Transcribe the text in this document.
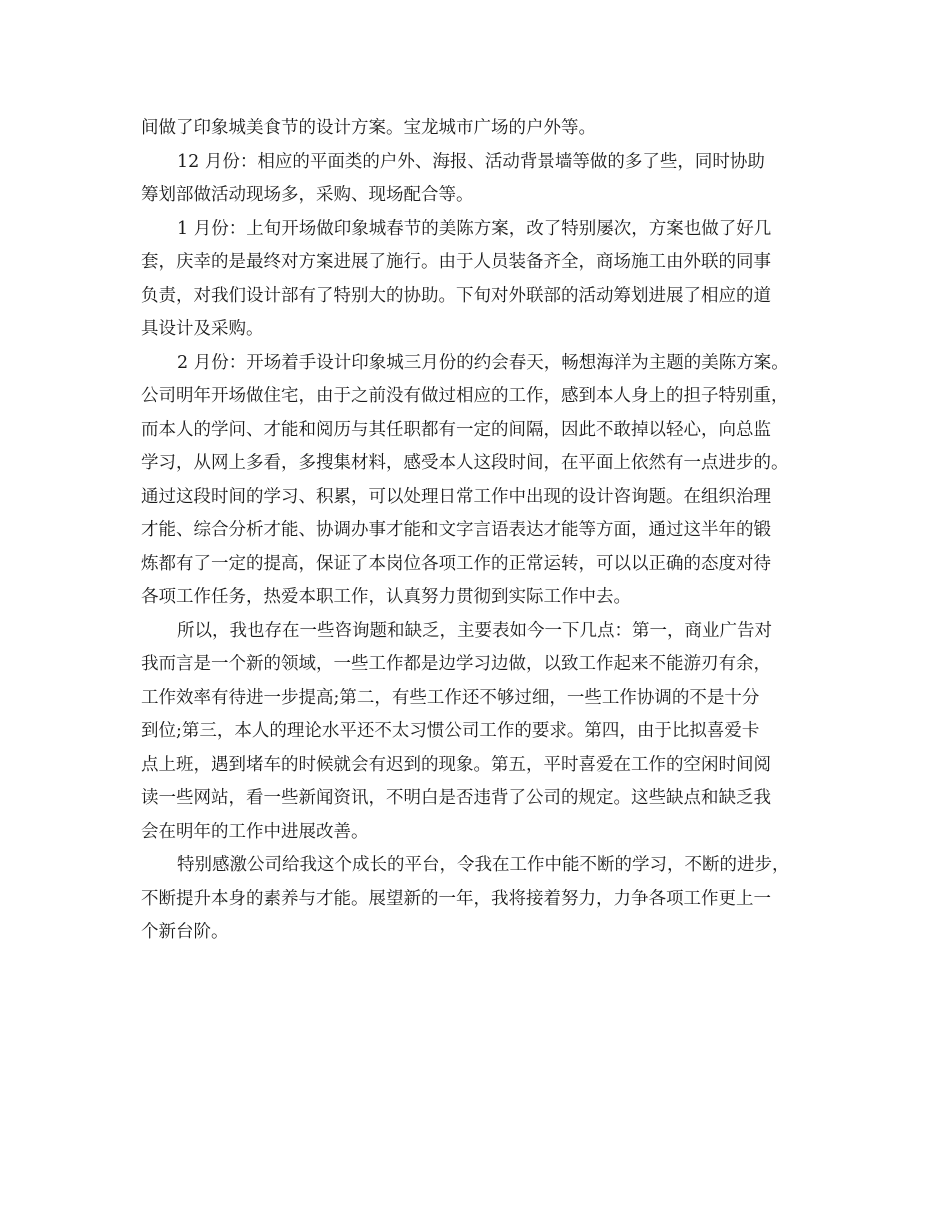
间做了印象城美食节的设计方案。宝龙城市广场的户外等。
12 月份：相应的平面类的户外、海报、活动背景墙等做的多了些，同时协助
筹划部做活动现场多，采购、现场配合等。
1 月份：上旬开场做印象城春节的美陈方案，改了特别屡次，方案也做了好几
套，庆幸的是最终对方案进展了施行。由于人员装备齐全，商场施工由外联的同事
负责，对我们设计部有了特别大的协助。下旬对外联部的活动筹划进展了相应的道
具设计及采购。
2 月份：开场着手设计印象城三月份的约会春天，畅想海洋为主题的美陈方案。
公司明年开场做住宅，由于之前没有做过相应的工作，感到本人身上的担子特别重，
而本人的学问、才能和阅历与其任职都有一定的间隔，因此不敢掉以轻心，向总监
学习，从网上多看，多搜集材料，感受本人这段时间，在平面上依然有一点进步的。
通过这段时间的学习、积累，可以处理日常工作中出现的设计咨询题。在组织治理
才能、综合分析才能、协调办事才能和文字言语表达才能等方面，通过这半年的锻
炼都有了一定的提高，保证了本岗位各项工作的正常运转，可以以正确的态度对待
各项工作任务，热爱本职工作，认真努力贯彻到实际工作中去。
所以，我也存在一些咨询题和缺乏，主要表如今一下几点：第一，商业广告对
我而言是一个新的领域，一些工作都是边学习边做，以致工作起来不能游刃有余，
工作效率有待进一步提高;第二，有些工作还不够过细，一些工作协调的不是十分
到位;第三，本人的理论水平还不太习惯公司工作的要求。第四，由于比拟喜爱卡
点上班，遇到堵车的时候就会有迟到的现象。第五，平时喜爱在工作的空闲时间阅
读一些网站，看一些新闻资讯，不明白是否违背了公司的规定。这些缺点和缺乏我
会在明年的工作中进展改善。
特别感激公司给我这个成长的平台，令我在工作中能不断的学习，不断的进步，
不断提升本身的素养与才能。展望新的一年，我将接着努力，力争各项工作更上一
个新台阶。
